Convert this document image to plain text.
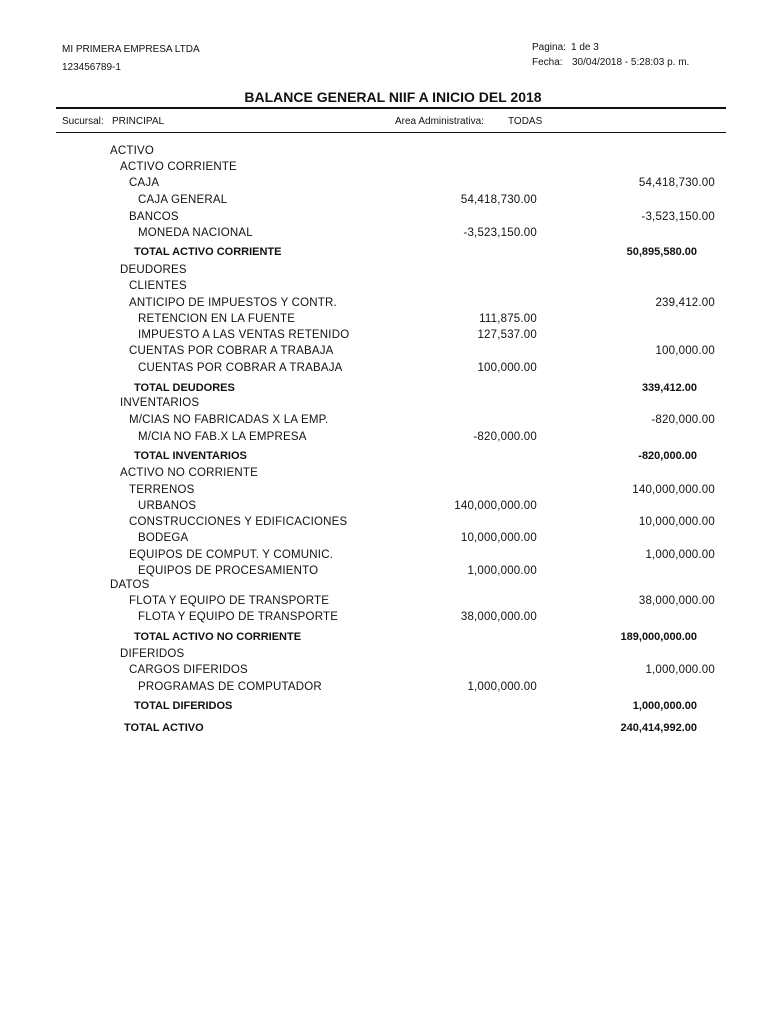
MI PRIMERA EMPRESA LTDA
123456789-1
Pagina: 1 de 3
Fecha: 30/04/2018 - 5:28:03 p. m.
BALANCE GENERAL NIIF A INICIO DEL 2018
Sucursal: PRINCIPAL	Area Administrativa: TODAS
ACTIVO
ACTIVO CORRIENTE
CAJA	54,418,730.00
CAJA GENERAL	54,418,730.00
BANCOS	-3,523,150.00
MONEDA NACIONAL	-3,523,150.00
TOTAL ACTIVO CORRIENTE	50,895,580.00
DEUDORES
CLIENTES
ANTICIPO DE IMPUESTOS Y CONTR.	239,412.00
RETENCION EN LA FUENTE	111,875.00
IMPUESTO A LAS VENTAS RETENIDO	127,537.00
CUENTAS POR COBRAR A TRABAJA	100,000.00
CUENTAS POR COBRAR A TRABAJA	100,000.00
TOTAL DEUDORES	339,412.00
INVENTARIOS
M/CIAS NO FABRICADAS X LA EMP.	-820,000.00
M/CIA NO FAB.X LA EMPRESA	-820,000.00
TOTAL INVENTARIOS	-820,000.00
ACTIVO NO CORRIENTE
TERRENOS	140,000,000.00
URBANOS	140,000,000.00
CONSTRUCCIONES Y EDIFICACIONES	10,000,000.00
BODEGA	10,000,000.00
EQUIPOS DE COMPUT. Y COMUNIC.	1,000,000.00
EQUIPOS DE PROCESAMIENTO	1,000,000.00
DATOS
FLOTA Y EQUIPO DE TRANSPORTE	38,000,000.00
FLOTA Y EQUIPO DE TRANSPORTE	38,000,000.00
TOTAL ACTIVO NO CORRIENTE	189,000,000.00
DIFERIDOS
CARGOS DIFERIDOS	1,000,000.00
PROGRAMAS DE COMPUTADOR	1,000,000.00
TOTAL DIFERIDOS	1,000,000.00
TOTAL ACTIVO	240,414,992.00
